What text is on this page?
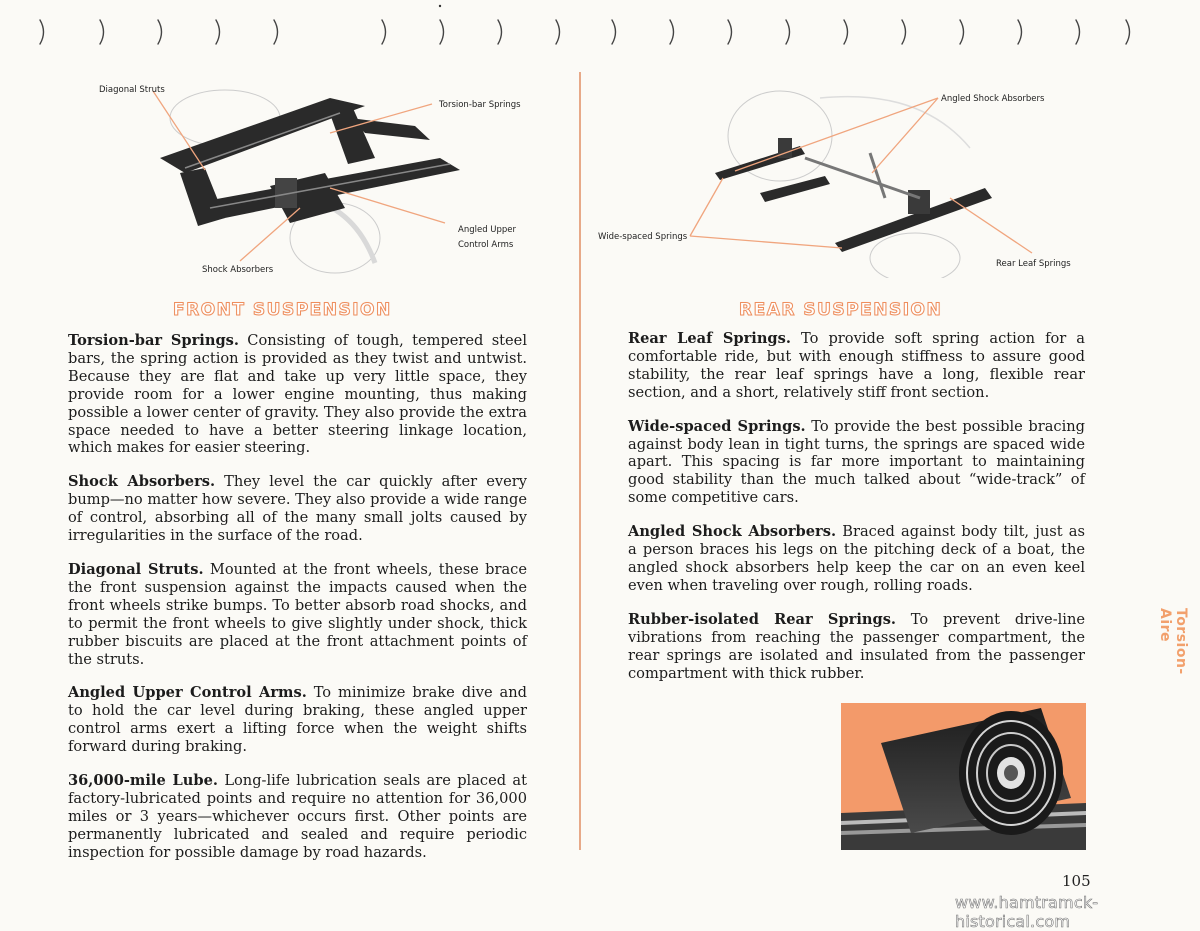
Diagonal Struts
Torsion-bar Springs
Angled Upper
Control Arms
Shock Absorbers
Angled Shock Absorbers
Wide-spaced Springs
Rear Leaf Springs
FRONT SUSPENSION	REAR SUSPENSION

Torsion-bar Springs. Consisting of tough, tempered steel bars, the spring action is provided as they twist and untwist. Because they are flat and take up very little space, they provide room for a lower engine mounting, thus making possible a lower center of gravity. They also provide the extra space needed to have a better steering linkage location, which makes for easier steering.

Shock Absorbers. They level the car quickly after every bump—no matter how severe. They also provide a wide range of control, absorbing all of the many small jolts caused by irregularities in the surface of the road.

Diagonal Struts. Mounted at the front wheels, these brace the front suspension against the impacts caused when the front wheels strike bumps. To better absorb road shocks, and to permit the front wheels to give slightly under shock, thick rubber biscuits are placed at the front attachment points of the struts.

Angled Upper Control Arms. To minimize brake dive and to hold the car level during braking, these angled upper control arms exert a lifting force when the weight shifts forward during braking.

36,000-mile Lube. Long-life lubrication seals are placed at factory-lubricated points and require no attention for 36,000 miles or 3 years—whichever occurs first. Other points are permanently lubricated and sealed and require periodic inspection for possible damage by road hazards.

Rear Leaf Springs. To provide soft spring action for a comfortable ride, but with enough stiffness to assure good stability, the rear leaf springs have a long, flexible rear section, and a short, relatively stiff front section.

Wide-spaced Springs. To provide the best possible bracing against body lean in tight turns, the springs are spaced wide apart. This spacing is far more important to maintaining good stability than the much talked about “wide-track” of some competitive cars.

Angled Shock Absorbers. Braced against body tilt, just as a person braces his legs on the pitching deck of a boat, the angled shock absorbers help keep the car on an even keel even when traveling over rough, rolling roads.

Rubber-isolated Rear Springs. To prevent drive-line vibrations from reaching the passenger compartment, the rear springs are isolated and insulated from the passenger compartment with thick rubber.	Torsion-Aire
105
www.hamtramck-historical.com
